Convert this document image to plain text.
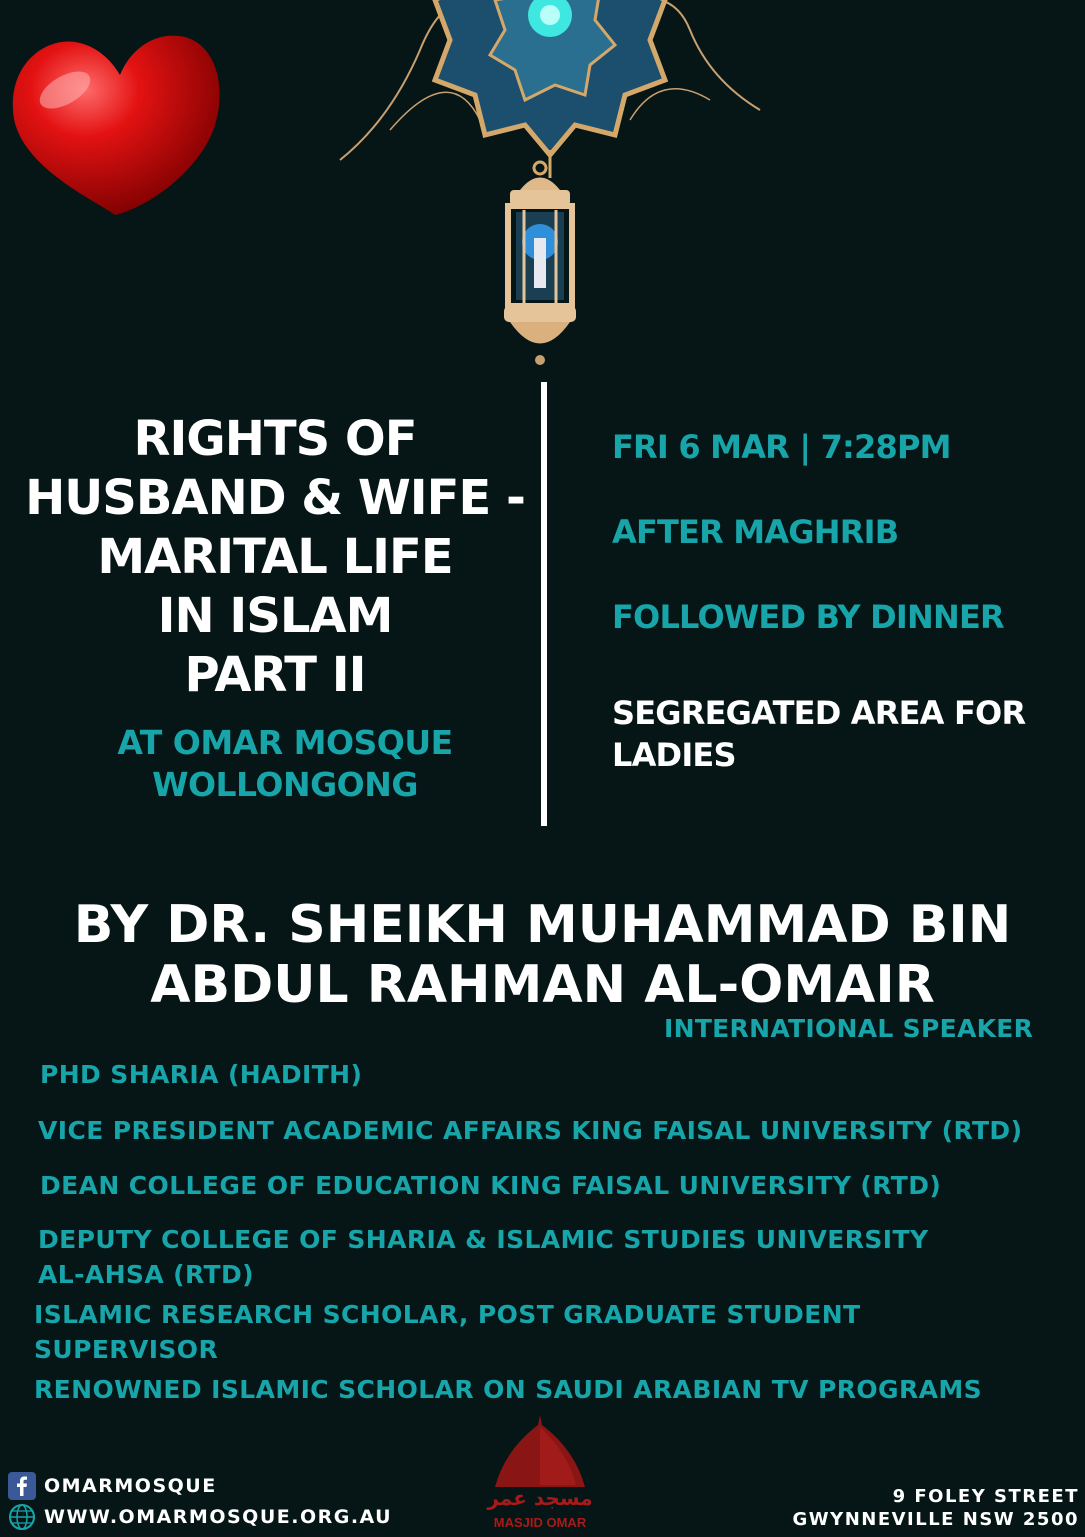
RIGHTS OF
HUSBAND & WIFE -
MARITAL LIFE
IN ISLAM
PART II
AT OMAR MOSQUE
WOLLONGONG
FRI 6 MAR | 7:28PM
AFTER MAGHRIB
FOLLOWED BY DINNER
SEGREGATED AREA FOR
LADIES
BY DR. SHEIKH MUHAMMAD BIN
ABDUL RAHMAN AL-OMAIR
INTERNATIONAL SPEAKER
PHD SHARIA (HADITH)
VICE PRESIDENT ACADEMIC AFFAIRS KING FAISAL UNIVERSITY (RTD)
DEAN COLLEGE OF EDUCATION KING FAISAL UNIVERSITY (RTD)
DEPUTY COLLEGE OF SHARIA & ISLAMIC STUDIES UNIVERSITY
AL-AHSA (RTD)
ISLAMIC RESEARCH SCHOLAR, POST GRADUATE STUDENT
SUPERVISOR
RENOWNED ISLAMIC SCHOLAR ON SAUDI ARABIAN TV PROGRAMS
OMARMOSQUE
WWW.OMARMOSQUE.ORG.AU
مسجد عمر
MASJID OMAR
9 FOLEY STREET
GWYNNEVILLE NSW 2500
